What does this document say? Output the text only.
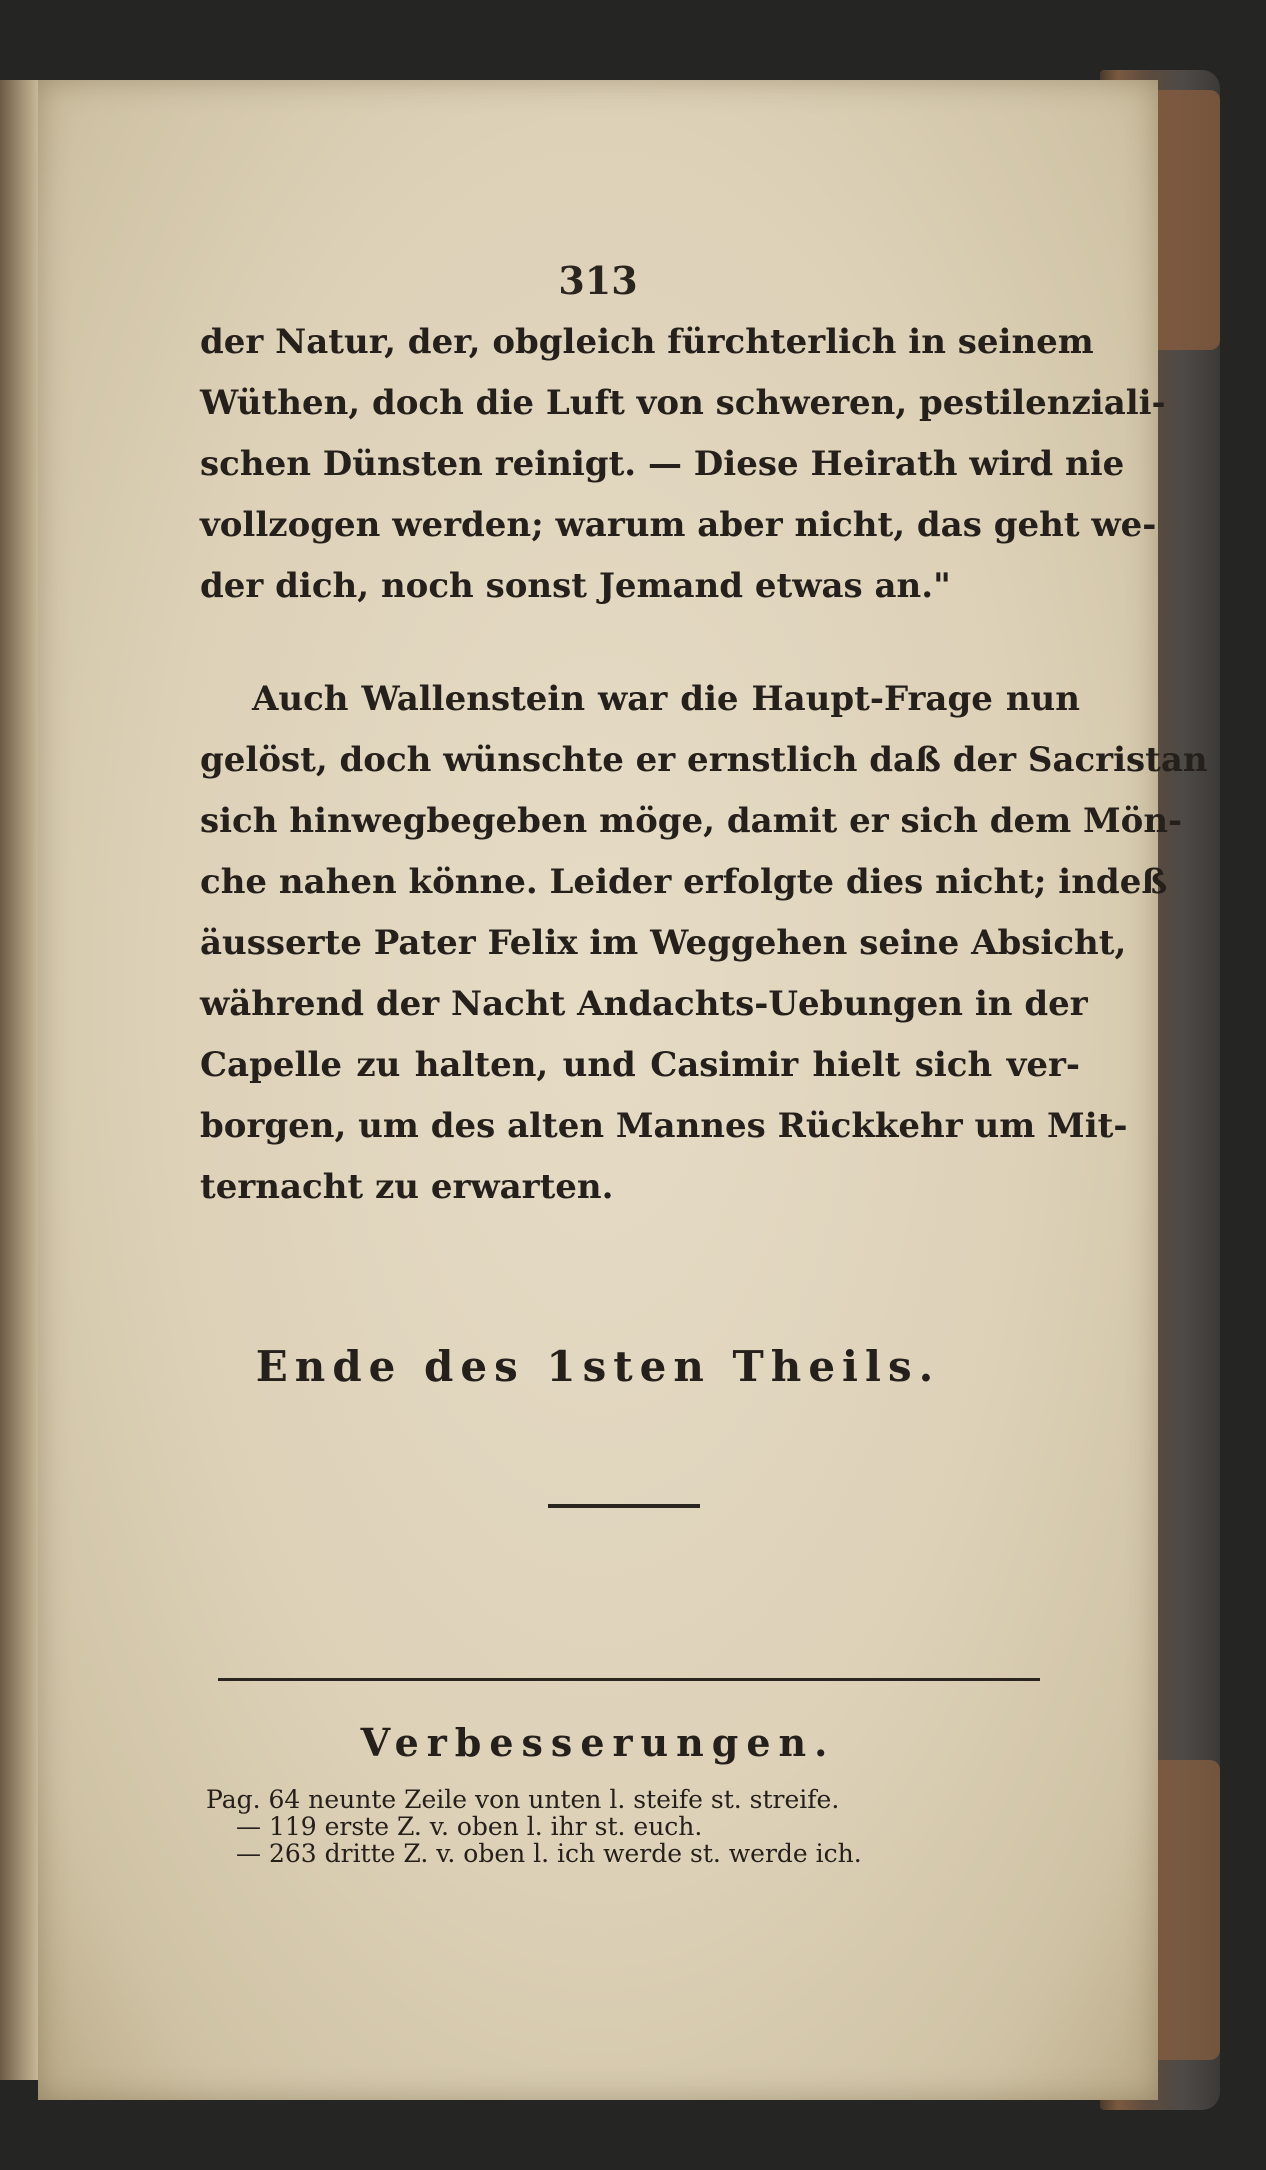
313
der Natur, der, obgleich fürchterlich in seinem
Wüthen, doch die Luft von schweren, pestilenziali-
schen Dünsten reinigt. — Diese Heirath wird nie
vollzogen werden; warum aber nicht, das geht we-
der dich, noch sonst Jemand etwas an."
Auch Wallenstein war die Haupt-Frage nun
gelöst, doch wünschte er ernstlich daß der Sacristan
sich hinwegbegeben möge, damit er sich dem Mön-
che nahen könne. Leider erfolgte dies nicht; indeß
äusserte Pater Felix im Weggehen seine Absicht,
während der Nacht Andachts-Uebungen in der
Capelle zu halten, und Casimir hielt sich ver-
borgen, um des alten Mannes Rückkehr um Mit-
ternacht zu erwarten.
Ende des 1sten Theils.
Verbesserungen.
Pag. 64 neunte Zeile von unten l. steife st. streife.
— 119 erste Z. v. oben l. ihr st. euch.
— 263 dritte Z. v. oben l. ich werde st. werde ich.
